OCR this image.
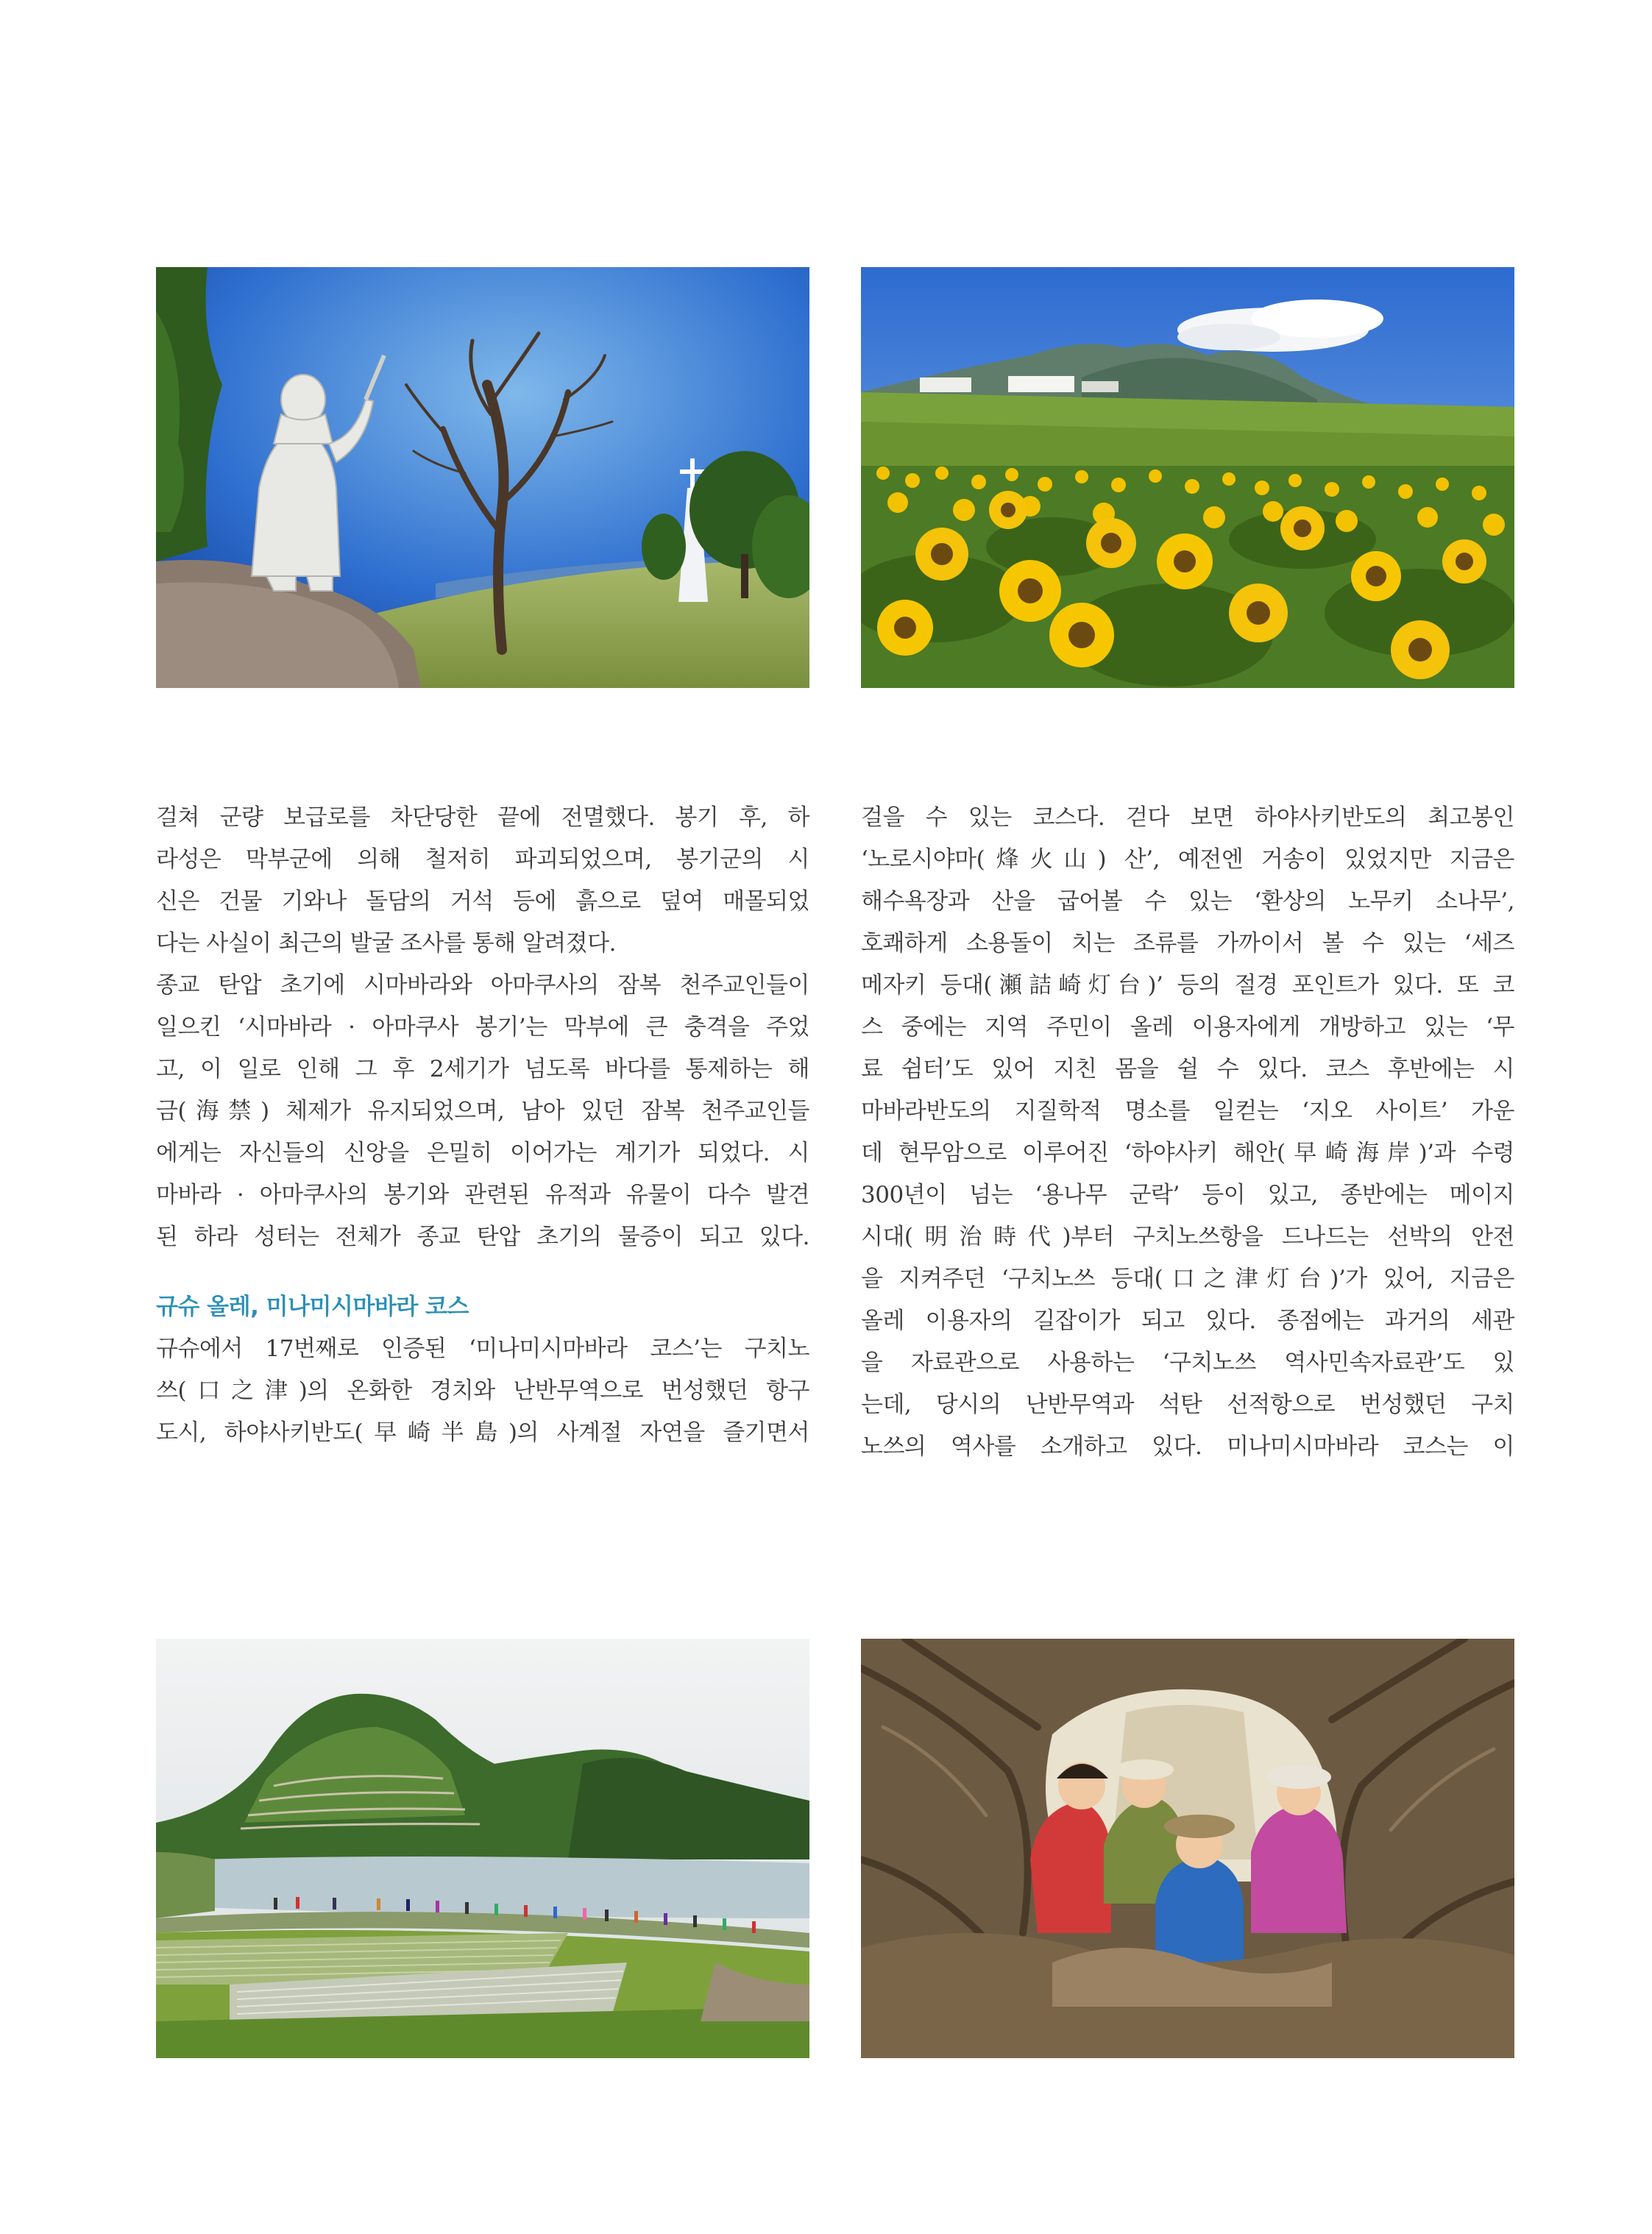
걸쳐 군량 보급로를 차단당한 끝에 전멸했다. 봉기 후, 하
라성은 막부군에 의해 철저히 파괴되었으며, 봉기군의 시
신은 건물 기와나 돌담의 거석 등에 흙으로 덮여 매몰되었
다는 사실이 최근의 발굴 조사를 통해 알려졌다.

종교 탄압 초기에 시마바라와 아마쿠사의 잠복 천주교인들이
일으킨 ‘시마바라 · 아마쿠사 봉기’는 막부에 큰 충격을 주었
고, 이 일로 인해 그 후 2세기가 넘도록 바다를 통제하는 해
금(海禁) 체제가 유지되었으며, 남아 있던 잠복 천주교인들
에게는 자신들의 신앙을 은밀히 이어가는 계기가 되었다. 시
마바라 · 아마쿠사의 봉기와 관련된 유적과 유물이 다수 발견
된 하라 성터는 전체가 종교 탄압 초기의 물증이 되고 있다.

규슈 올레, 미나미시마바라 코스

규슈에서 17번째로 인증된 ‘미나미시마바라 코스’는 구치노
쓰(口之津)의 온화한 경치와 난반무역으로 번성했던 항구
도시, 하야사키반도(早崎半島)의 사계절 자연을 즐기면서

걸을 수 있는 코스다. 걷다 보면 하야사키반도의 최고봉인
‘노로시야마(烽火山) 산’, 예전엔 거송이 있었지만 지금은
해수욕장과 산을 굽어볼 수 있는 ‘환상의 노무키 소나무’,
호쾌하게 소용돌이 치는 조류를 가까이서 볼 수 있는 ‘세즈
메자키 등대(瀬詰崎灯台)’ 등의 절경 포인트가 있다. 또 코
스 중에는 지역 주민이 올레 이용자에게 개방하고 있는 ‘무
료 쉼터’도 있어 지친 몸을 쉴 수 있다. 코스 후반에는 시
마바라반도의 지질학적 명소를 일컫는 ‘지오 사이트’ 가운
데 현무암으로 이루어진 ‘하야사키 해안(早崎海岸)’과 수령
300년이 넘는 ‘용나무 군락’ 등이 있고, 종반에는 메이지
시대(明治時代)부터 구치노쓰항을 드나드는 선박의 안전
을 지켜주던 ‘구치노쓰 등대(口之津灯台)’가 있어, 지금은
올레 이용자의 길잡이가 되고 있다. 종점에는 과거의 세관
을 자료관으로 사용하는 ‘구치노쓰 역사민속자료관’도 있
는데, 당시의 난반무역과 석탄 선적항으로 번성했던 구치
노쓰의 역사를 소개하고 있다. 미나미시마바라 코스는 이
